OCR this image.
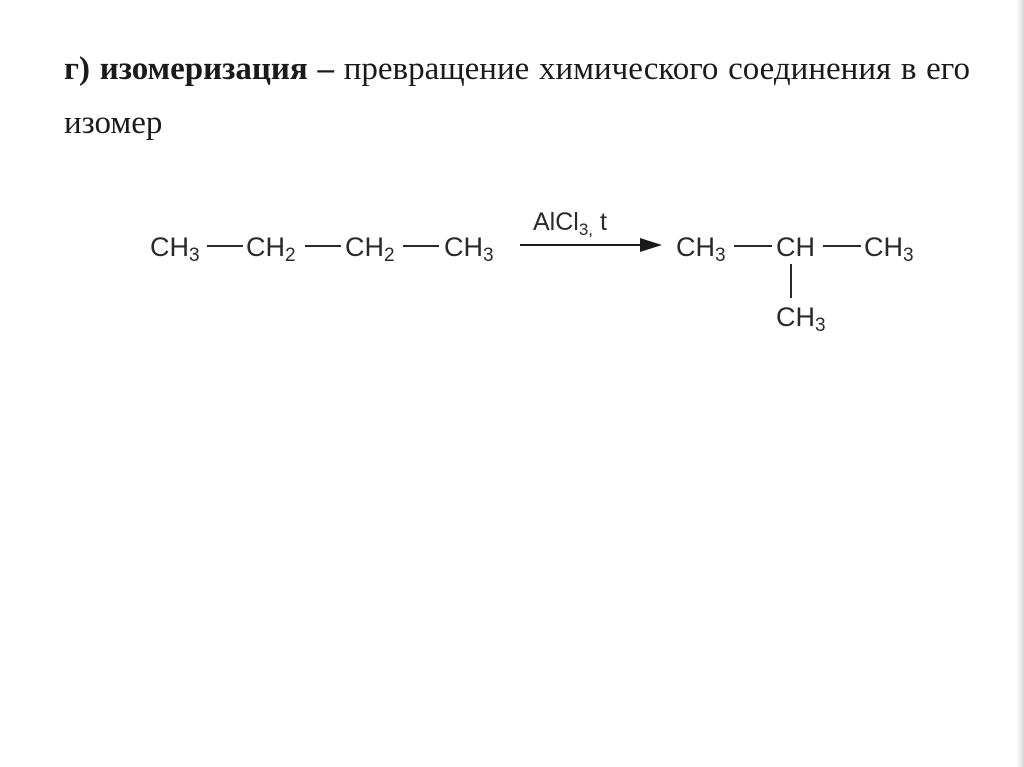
г) изомеризация – превращение химического соединения в его изомер
$CH_3$ $CH_2$ $CH_2$ $CH_3$
AlCl$_{3,}$ t
$CH_3$ CH $CH_3$
$CH_3$
